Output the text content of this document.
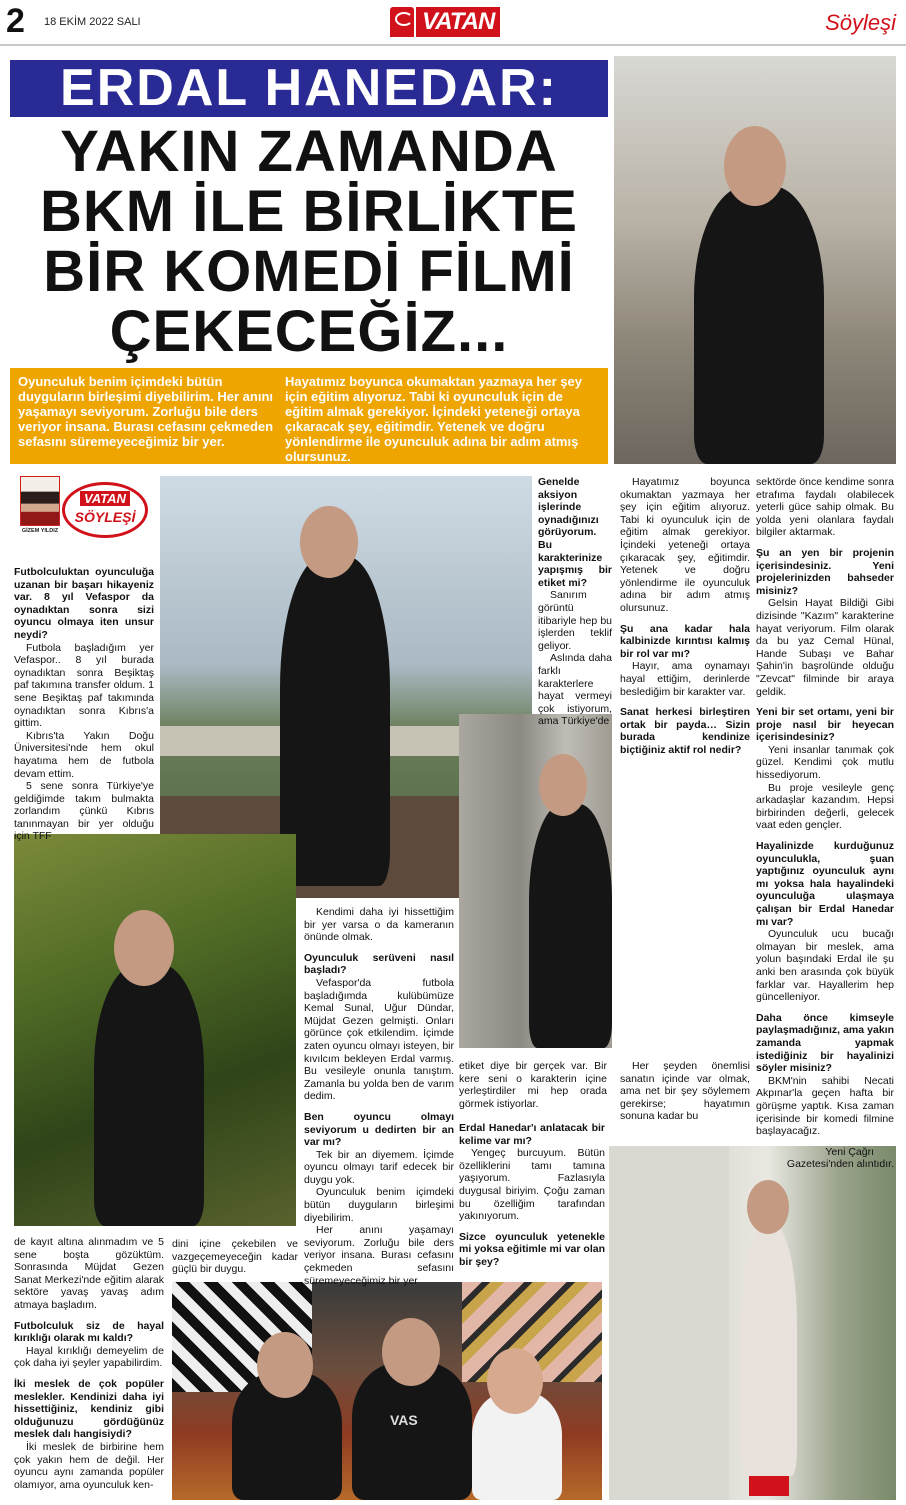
2 18 EKİM 2022 SALI	VATAN	Söyleşi
ERDAL HANEDAR:
YAKIN ZAMANDA
BKM İLE BİRLİKTE
BİR KOMEDİ FİLMİ
ÇEKECEĞİZ...
Oyunculuk benim içimdeki bütün duyguların birleşimi diyebilirim. Her anını yaşamayı seviyorum. Zorluğu bile ders veriyor insana. Burası cefasını çekmeden sefasını süremeyeceğimiz bir yer.
Hayatımız boyunca okumaktan yazmaya her şey için eğitim alıyoruz. Tabi ki oyunculuk için de eğitim almak gerekiyor. İçindeki yeteneği ortaya çıkaracak şey, eğitimdir. Yetenek ve doğru yönlendirme ile oyunculuk adına bir adım atmış olursunuz.
VAS
GİZEM YILDIZ
VATAN
SÖYLEŞİ

Futbolculuktan oyunculuğa uzanan bir başarı hikayeniz var. 8 yıl Vefaspor da oynadıktan sonra sizi oyuncu olmaya iten unsur neydi?

Futbola başladığım yer Vefaspor.. 8 yıl burada oynadıktan sonra Beşiktaş paf takımına transfer oldum. 1 sene Beşiktaş paf takımında oynadıktan sonra Kıbrıs'a gittim.

Kıbrıs'ta Yakın Doğu Üniversitesi'nde hem okul hayatıma hem de futbola devam ettim.

5 sene sonra Türkiye'ye geldiğimde takım bulmakta zorlandım çünkü Kıbrıs tanınmayan bir yer olduğu için TFF

de kayıt altına alınmadım ve 5 sene boşta gözüktüm. Sonrasında Müjdat Gezen Sanat Merkezi'nde eğitim alarak sektöre yavaş yavaş adım atmaya başladım.

Futbolculuk siz de hayal kırıklığı olarak mı kaldı?

Hayal kırıklığı demeyelim de çok daha iyi şeyler yapabilirdim.

İki meslek de çok popüler meslekler. Kendinizi daha iyi hissettiğiniz, kendiniz gibi olduğunuzu gördüğünüz meslek dalı hangisiydi?

İki meslek de birbirine hem çok yakın hem de değil. Her oyuncu aynı zamanda popüler olamıyor, ama oyunculuk ken-

dini içine çekebilen ve vazgeçemeyeceğin kadar güçlü bir duygu.

Kendimi daha iyi hissettiğim bir yer varsa o da kameranın önünde olmak.

Oyunculuk serüveni nasıl başladı?

Vefaspor'da futbola başladığımda kulübümüze Kemal Sunal, Uğur Dündar, Müjdat Gezen gelmişti. Onları görünce çok etkilendim. İçimde zaten oyuncu olmayı isteyen, bir kıvılcım bekleyen Erdal varmış. Bu vesileyle onunla tanıştım. Zamanla bu yolda ben de varım dedim.

Ben oyuncu olmayı seviyorum u dedirten bir an var mı?

Tek bir an diyemem. İçimde oyuncu olmayı tarif edecek bir duygu yok.

Oyunculuk benim içimdeki bütün duyguların birleşimi diyebilirim.

Her anını yaşamayı seviyorum. Zorluğu bile ders veriyor insana. Burası cefasını çekmeden sefasını süremeyeceğimiz bir yer

Genelde aksiyon işlerinde oynadığınızı görüyorum. Bu karakterinize yapışmış bir etiket mi?

Sanırım görüntü itibariyle hep bu işlerden teklif geliyor.

Aslında daha farklı karakterlere hayat vermeyi çok istiyorum, ama Türkiye'de

etiket diye bir gerçek var. Bir kere seni o karakterin içine yerleştirdiler mi hep orada görmek istiyorlar.

Hayatımız boyunca okumaktan yazmaya her şey için eğitim alıyoruz. Tabi ki oyunculuk için de eğitim almak gerekiyor. İçindeki yeteneği ortaya çıkaracak şey, eğitimdir. Yetenek ve doğru yönlendirme ile oyunculuk adına bir adım atmış olursunuz.

Şu ana kadar hala kalbinizde kırıntısı kalmış bir rol var mı?

Hayır, ama oynamayı hayal ettiğim, derinlerde beslediğim bir karakter var.

Sanat herkesi birleştiren ortak bir payda… Sizin burada kendinize biçtiğiniz aktif rol nedir?

Her şeyden önemlisi sanatın içinde var olmak, ama net bir şey söylemem gerekirse; hayatımın sonuna kadar bu

Erdal Hanedar'ı anlatacak bir kelime var mı?

Yengeç burcuyum. Bütün özelliklerini tamı tamına yaşıyorum. Fazlasıyla duygusal biriyim. Çoğu zaman bu özelliğim tarafından yakınıyorum.

Sizce oyunculuk yetenekle mi yoksa eğitimle mi var olan bir şey?

sektörde önce kendime sonra etrafıma faydalı olabilecek yeterli güce sahip olmak. Bu yolda yeni olanlara faydalı bilgiler aktarmak.

Şu an yen bir projenin içerisindesiniz. Yeni projelerinizden bahseder misiniz?

Gelsin Hayat Bildiği Gibi dizisinde "Kazım" karakterine hayat veriyorum. Film olarak da bu yaz Cemal Hünal, Hande Subaşı ve Bahar Şahin'in başrolünde olduğu "Zevcat" filminde bir araya geldik.

Yeni bir set ortamı, yeni bir proje nasıl bir heyecan içerisindesiniz?

Yeni insanlar tanımak çok güzel. Kendimi çok mutlu hissediyorum.

Bu proje vesileyle genç arkadaşlar kazandım. Hepsi birbirinden değerli, gelecek vaat eden gençler.

Hayalinizde kurduğunuz oyunculukla, şuan yaptığınız oyunculuk aynı mı yoksa hala hayalindeki oyunculuğa ulaşmaya çalışan bir Erdal Hanedar mı var?

Oyunculuk ucu bucağı olmayan bir meslek, ama yolun başındaki Erdal ile şu anki ben arasında çok büyük farklar var. Hayallerim hep güncelleniyor.

Daha önce kimseyle paylaşmadığınız, ama yakın zamanda yapmak istediğiniz bir hayalinizi söyler misiniz?

BKM'nin sahibi Necati Akpınar'la geçen hafta bir görüşme yaptık. Kısa zaman içerisinde bir komedi filmine başlayacağız.

Yeni Çağrı

Gazetesi'nden alıntıdır.
